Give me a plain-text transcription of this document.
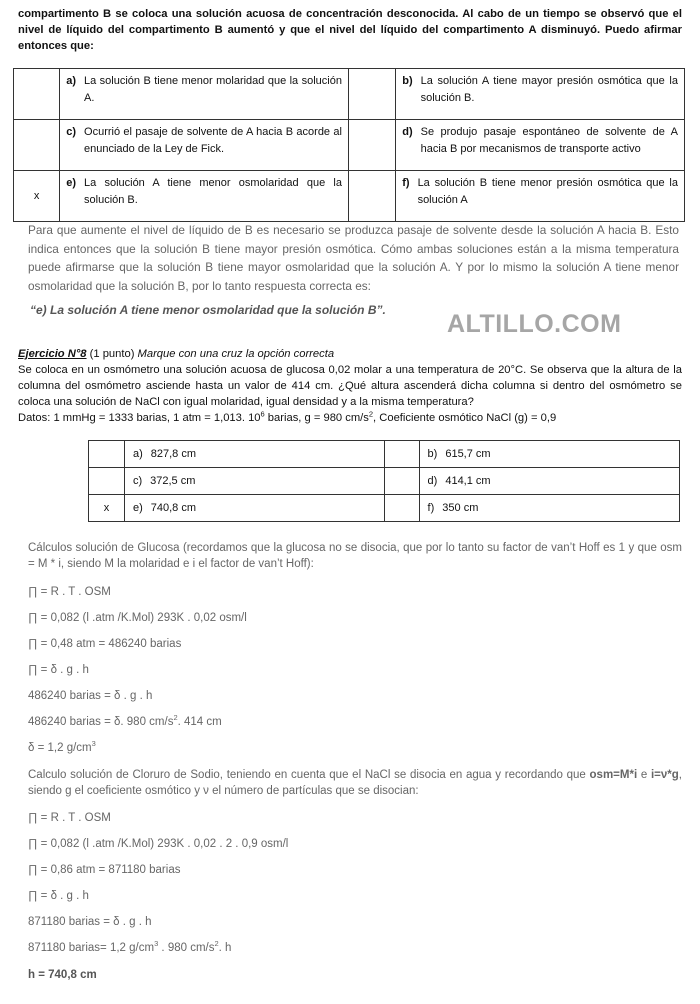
compartimento B se coloca una solución acuosa de concentración desconocida. Al cabo de un tiempo se observó que el nivel de líquido del compartimento B aumentó y que el nivel del líquido del compartimento A disminuyó. Puedo afirmar entonces que:

	a) La solución B tiene menor molaridad que la solución A.		b) La solución A tiene mayor presión osmótica que la solución B.

	c) Ocurrió el pasaje de solvente de A hacia B acorde al enunciado de la Ley de Fick.		d) Se produjo pasaje espontáneo de solvente de A hacia B por mecanismos de transporte activo

x	e) La solución A tiene menor osmolaridad que la solución B.		f) La solución B tiene menor presión osmótica que la solución A
Para que aumente el nivel de líquido de B es necesario se produzca pasaje de solvente desde la solución A hacia B. Esto indica entonces que la solución B tiene mayor presión osmótica. Cómo ambas soluciones están a la misma temperatura puede afirmarse que la solución B tiene mayor osmolaridad que la solución A. Y por lo mismo la solución A tiene menor osmolaridad que la solución B, por lo tanto respuesta correcta es:
“e) La solución A tiene menor osmolaridad que la solución B”. ALTILLO.COM
Ejercicio N°8 (1 punto) Marque con una cruz la opción correcta
Se coloca en un osmómetro una solución acuosa de glucosa 0,02 molar a una temperatura de 20°C. Se observa que la altura de la columna del osmómetro asciende hasta un valor de 414 cm. ¿Qué altura ascenderá dicha columna si dentro del osmómetro se coloca una solución de NaCl con igual molaridad, igual densidad y a la misma temperatura?
Datos: 1 mmHg = 1333 barias, 1 atm = 1,013. $10^6$ barias, g = 980 $cm/s^2$, Coeficiente osmótico NaCl (g) = 0,9
	a) 827,8 cm		b) 615,7 cm
	c) 372,5 cm		d) 414,1 cm
x	e) 740,8 cm		f) 350 cm
Cálculos solución de Glucosa (recordamos que la glucosa no se disocia, que por lo tanto su factor de van’t Hoff es 1 y que osm = M * i, siendo M la molaridad e i el factor de van’t Hoff):
∏ = R . T . OSM
∏ = 0,082 (l .atm /K.Mol) 293K . 0,02 osm/l
∏ = 0,48 atm = 486240 barias
∏ = δ . g . h
486240 barias = δ . g . h
486240 barias = δ. 980 $cm/s^2$. 414 cm
δ = 1,2 $g/cm^3$
Calculo solución de Cloruro de Sodio, teniendo en cuenta que el NaCl se disocia en agua y recordando que osm=M*i e i=ν*g, siendo g el coeficiente osmótico y ν el número de partículas que se disocian:
∏ = R . T . OSM
∏ = 0,082 (l .atm /K.Mol) 293K . 0,02 . 2 . 0,9 osm/l
∏ = 0,86 atm = 871180 barias
∏ = δ . g . h
871180 barias = δ . g . h
871180 barias= 1,2 $g/cm^3$ . 980 $cm/s^2$. h
h = 740,8 cm
